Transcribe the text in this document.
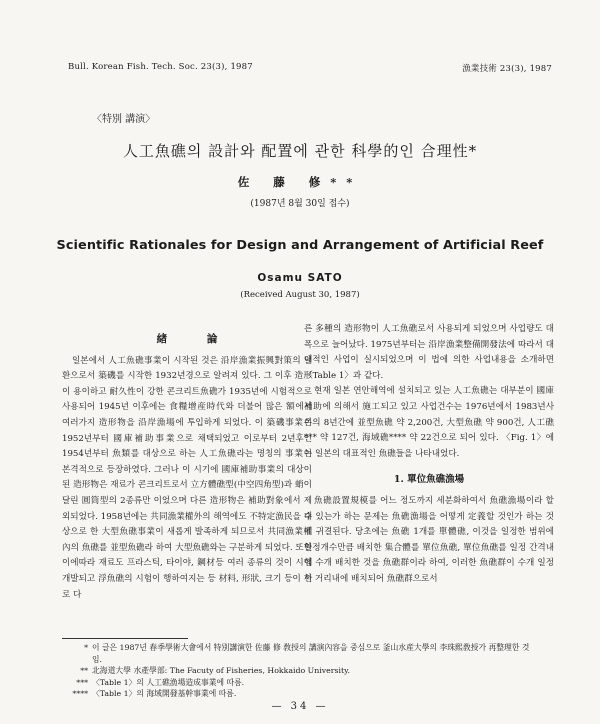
Bull. Korean Fish. Tech. Soc. 23(3), 1987	漁業技術 23(3), 1987
〈特別 講演〉
人工魚礁의 設計와 配置에 관한 科學的인 合理性*
佐 藤 修**
(1987년 8월 30일 접수)
Scientific Rationales for Design and Arrangement of Artificial Reef
Osamu SATO
(Received August 30, 1987)
緖 論

일본에서 人工魚礁事業이 시작된 것은 沿岸漁業振興對策의 일환으로서 築磯를 시작한 1932년경으로 알려져 있다. 그 이후 造形이 용이하고 耐久性이 강한 콘크리트魚礁가 1935년에 시험적으로 사용되어 1945년 이후에는 食糧增産時代와 더불어 많은 額에서 여러가지 造形物을 沿岸漁場에 투입하게 되었다. 이 築磯事業은 1952년부터 國庫補助事業으로 채택되었고 이로부터 2년후인 1954년부터 魚類를 대상으로 하는 人工魚礁라는 명칭의 事業이 본격적으로 등장하였다. 그러나 이 시기에 國庫補助事業의 대상이 된 造形物은 재료가 콘크리트로서 立方體礁型(中空四角型)과 蛸이 달린 圓筒型의 2종류만 이었으며 다른 造形物은 補助對象에서 제외되었다. 1958년에는 共同漁業權外의 해역에도 不特定漁民을 대상으로 한 大型魚礁事業이 새롭게 발족하게 되므로서 共同漁業權內의 魚礁를 並型魚礁라 하여 大型魚礁와는 구분하게 되었다. 또한 이에따라 재료도 프라스틱, 타이야, 鋼材등 여러 종류의 것이 시험 개발되고 浮魚礁의 시험이 행하여지는 등 材料, 形狀, 크기 등이 서로 다

른 多種의 造形物이 人工魚礁로서 사용되게 되었으며 사업량도 대폭으로 늘어났다. 1975년부터는 沿岸漁業整備開發法에 따라서 대대적인 사업이 실시되었으며 이 법에 의한 사업내용을 소개하면 〈Table 1〉과 같다.

현재 일본 연안해역에 설치되고 있는 人工魚礁는 대부분이 國庫補助에 의해서 施工되고 있고 사업건수는 1976년에서 1983년사이의 8년간에 並型魚礁 약 2,200건, 大型魚礁 약 900건, 人工礁*** 약 127건, 海域礁**** 약 22건으로 되어 있다. 〈Fig. 1〉에는 일본의 대표적인 魚礁들을 나타내었다.

1. 單位魚礁漁場

魚礁設置規模를 어느 정도까지 세분화하여서 魚礁漁場이라 할 수 있는가 하는 문제는 魚礁漁場을 어떻게 定義할 것인가 하는 것에 귀결된다. 당초에는 魚礁 1개를 單體礁, 이것을 일정한 범위에 일정개수만큼 배치한 集合體를 單位魚礁, 單位魚礁를 일정 간격내에 수개 배치한 것을 魚礁群이라 하여, 이러한 魚礁群이 수개 일정한 거리내에 배치되어 魚礁群으로서

* 이 글은 1987년 春季學術大會에서 特別講演한 佐藤 修 敎授의 講演內容을 중심으로 釜山水産大學의 李珠熙敎授가 再整理한 것임.
** 北海道大學 水產學部: The Facuty of Fisheries, Hokkaido University.
*** 〈Table 1〉의 人工礁漁場造成事業에 따름.
**** 〈Table 1〉의 海域開發基幹事業에 따름.
— 34 —
